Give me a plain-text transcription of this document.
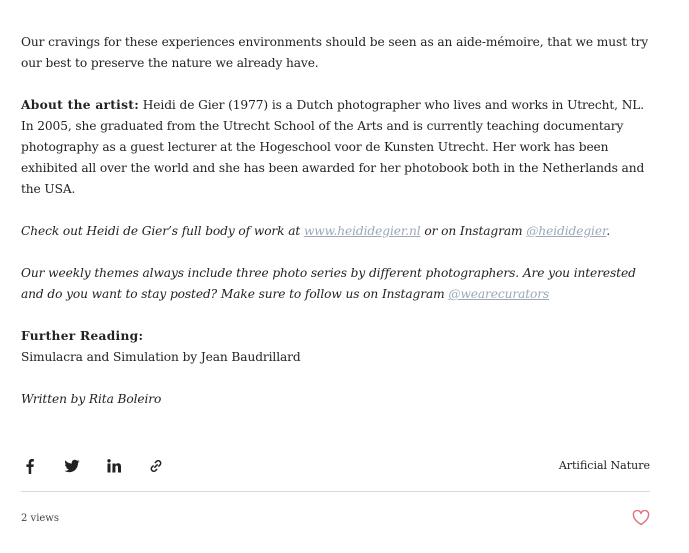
Our cravings for these experiences environments should be seen as an aide-mémoire, that we must try our best to preserve the nature we already have.

About the artist: Heidi de Gier (1977) is a Dutch photographer who lives and works in Utrecht, NL. In 2005, she graduated from the Utrecht School of the Arts and is currently teaching documentary photography as a guest lecturer at the Hogeschool voor de Kunsten Utrecht. Her work has been exhibited all over the world and she has been awarded for her photobook both in the Netherlands and the USA.

Check out Heidi de Gier’s full body of work at www.heididegier.nl or on Instagram @heididegier.

Our weekly themes always include three photo series by different photographers. Are you interested and do you want to stay posted? Make sure to follow us on Instagram @wearecurators

Further Reading:

Simulacra and Simulation by Jean Baudrillard

Written by Rita Boleiro

Artificial Nature
2 views
